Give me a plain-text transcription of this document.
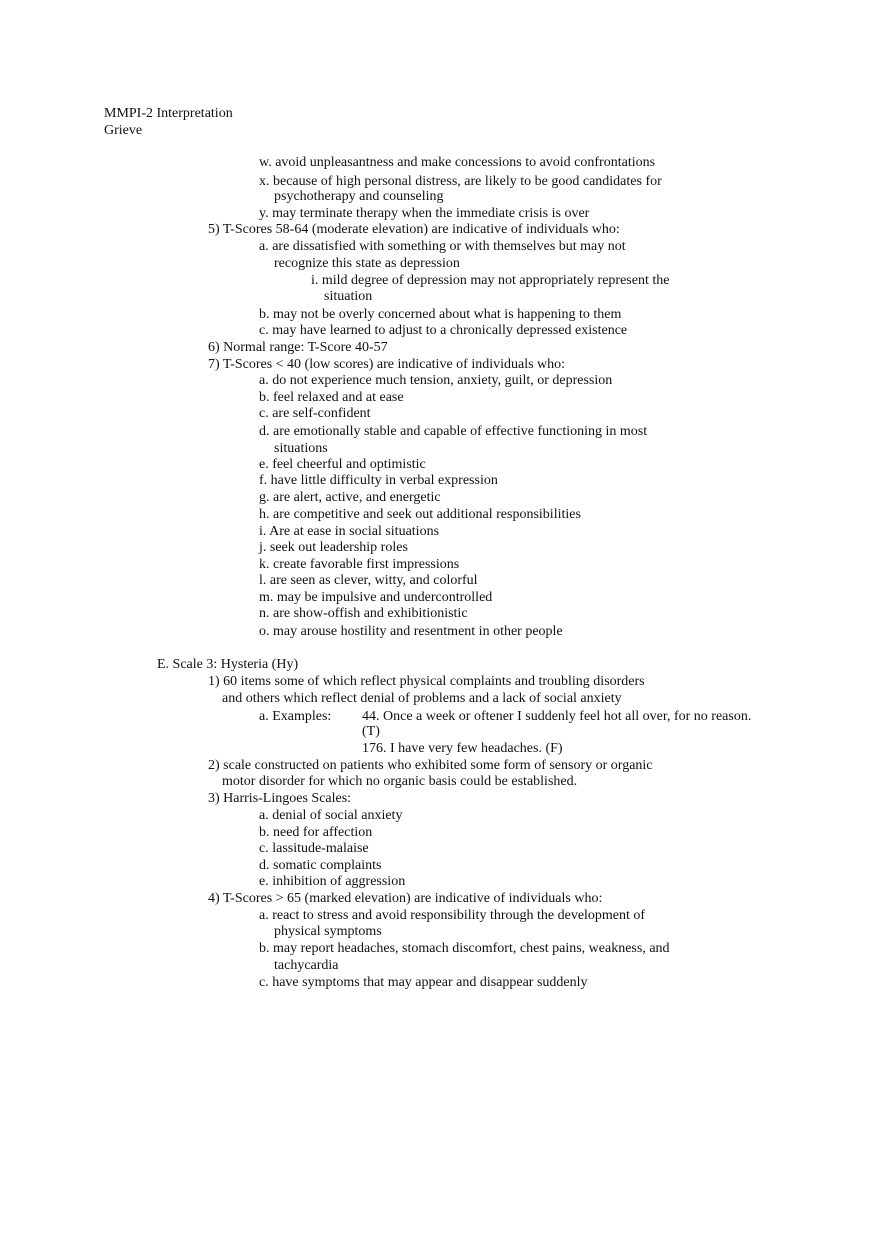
MMPI-2 Interpretation

Grieve

w. avoid unpleasantness and make concessions to avoid confrontations

x. because of high personal distress, are likely to be good candidates for

psychotherapy and counseling

y. may terminate therapy when the immediate crisis is over

5) T-Scores 58-64 (moderate elevation) are indicative of individuals who:

a. are dissatisfied with something or with themselves but may not

recognize this state as depression

i. mild degree of depression may not appropriately represent the

situation

b. may not be overly concerned about what is happening to them

c. may have learned to adjust to a chronically depressed existence

6) Normal range: T-Score 40-57

7) T-Scores < 40 (low scores) are indicative of individuals who:

a. do not experience much tension, anxiety, guilt, or depression

b. feel relaxed and at ease

c. are self-confident

d. are emotionally stable and capable of effective functioning in most

situations

e. feel cheerful and optimistic

f. have little difficulty in verbal expression

g. are alert, active, and energetic

h. are competitive and seek out additional responsibilities

i. Are at ease in social situations

j. seek out leadership roles

k. create favorable first impressions

l. are seen as clever, witty, and colorful

m. may be impulsive and undercontrolled

n. are show-offish and exhibitionistic

o. may arouse hostility and resentment in other people

E. Scale 3: Hysteria (Hy)

1) 60 items some of which reflect physical complaints and troubling disorders

and others which reflect denial of problems and a lack of social anxiety

a. Examples: 44. Once a week or oftener I suddenly feel hot all over, for no reason.

(T)

176. I have very few headaches. (F)

2) scale constructed on patients who exhibited some form of sensory or organic

motor disorder for which no organic basis could be established.

3) Harris-Lingoes Scales:

a. denial of social anxiety

b. need for affection

c. lassitude-malaise

d. somatic complaints

e. inhibition of aggression

4) T-Scores > 65 (marked elevation) are indicative of individuals who:

a. react to stress and avoid responsibility through the development of

physical symptoms

b. may report headaches, stomach discomfort, chest pains, weakness, and

tachycardia

c. have symptoms that may appear and disappear suddenly
